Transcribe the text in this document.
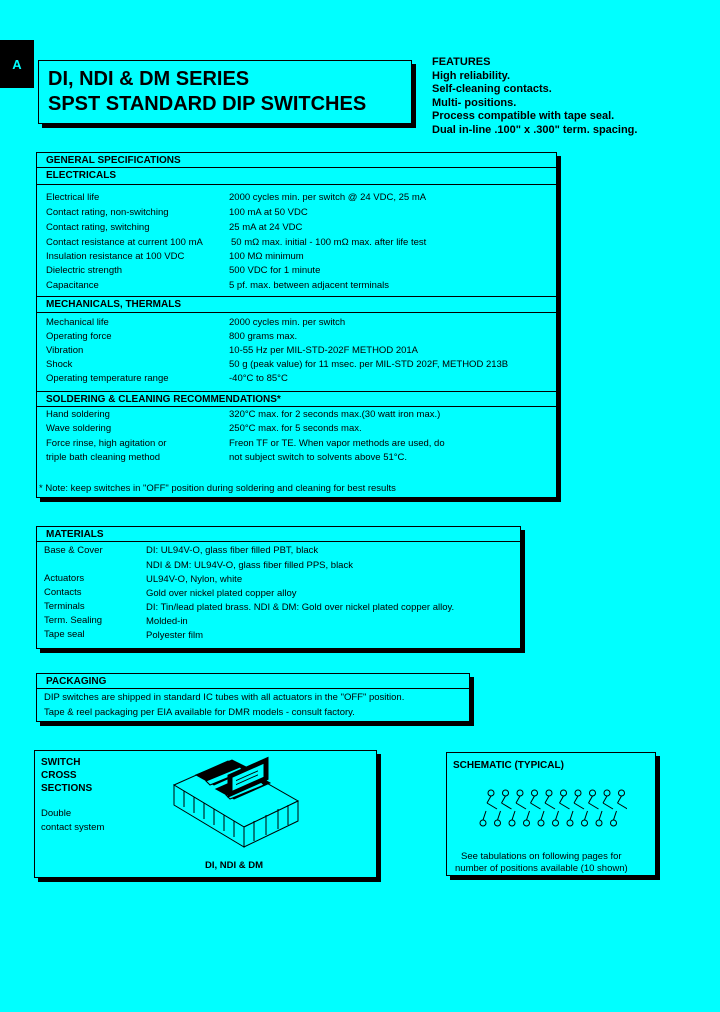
A
DI, NDI & DM SERIES
SPST STANDARD DIP SWITCHES
FEATURES
High reliability.
Self-cleaning contacts.
Multi- positions.
Process compatible with tape seal.
Dual in-line .100" x .300" term. spacing.
GENERAL SPECIFICATIONS
ELECTRICALS
Electrical life	2000 cycles min. per switch @ 24 VDC, 25 mA
Contact rating, non-switching	100 mA at 50 VDC
Contact rating, switching	25 mA at 24 VDC
Contact resistance at current 100 mA	50 mΩ max. initial - 100 mΩ max. after life test
Insulation resistance at 100 VDC	100 MΩ minimum
Dielectric strength	500 VDC for 1 minute
Capacitance	5 pf. max. between adjacent terminals
MECHANICALS, THERMALS
Mechanical life	2000 cycles min. per switch
Operating force	800 grams max.
Vibration	10-55 Hz per MIL-STD-202F METHOD 201A
Shock	50 g (peak value) for 11 msec. per MIL-STD 202F, METHOD 213B
Operating temperature range	-40°C to 85°C
SOLDERING & CLEANING RECOMMENDATIONS*
Hand soldering	320°C max. for 2 seconds max.(30 watt iron max.)
Wave soldering	250°C max. for 5 seconds max.
Force rinse, high agitation or	Freon TF or TE. When vapor methods are used, do
triple bath cleaning method	not subject switch to solvents above 51°C.
* Note: keep switches in "OFF" position during soldering and cleaning for best results
MATERIALS
Base & Cover	DI: UL94V-O, glass fiber filled PBT, black
NDI & DM: UL94V-O, glass fiber filled PPS, black
Actuators	UL94V-O, Nylon, white
Contacts	Gold over nickel plated copper alloy
Terminals	DI: Tin/lead plated brass. NDI & DM: Gold over nickel plated copper alloy.
Term. Sealing	Molded-in
Tape seal	Polyester film
PACKAGING
DIP switches are shipped in standard IC tubes with all actuators in the "OFF" position.
Tape & reel packaging per EIA available for DMR models - consult factory.
SWITCH
CROSS
SECTIONS
Double
contact system
DI, NDI & DM
SCHEMATIC (TYPICAL)
See tabulations on following pages for
number of positions available (10 shown)
